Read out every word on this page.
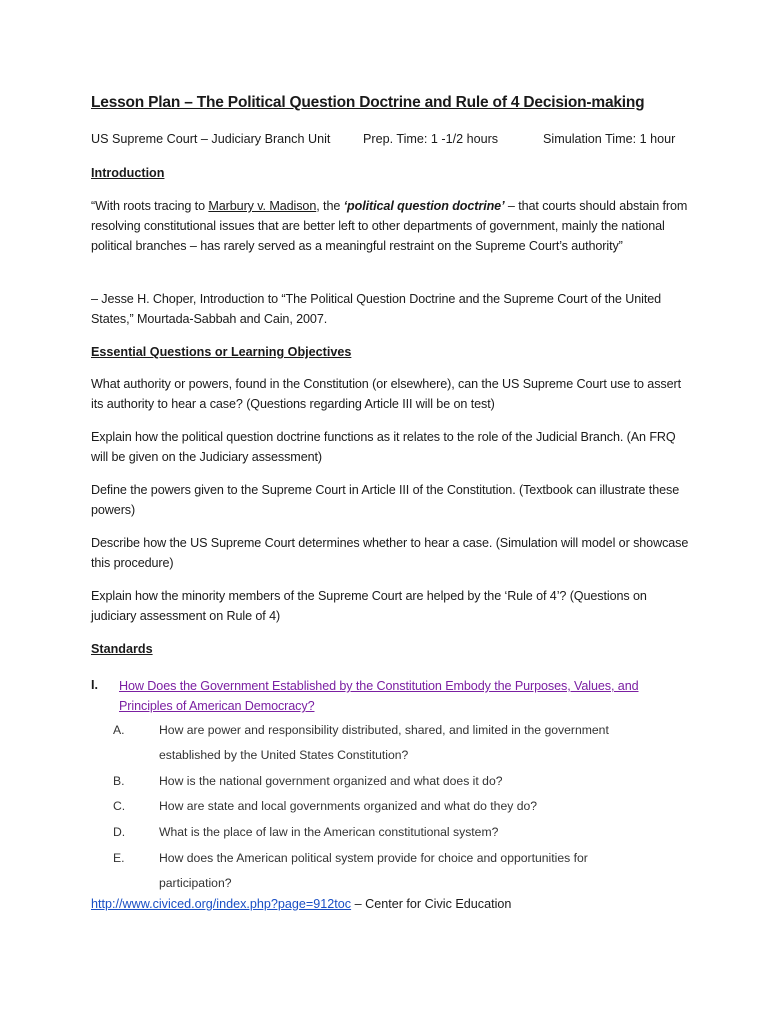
Lesson Plan – The Political Question Doctrine and Rule of 4 Decision-making
US Supreme Court – Judiciary Branch Unit	Prep. Time: 1 -1/2 hours	Simulation Time: 1 hour
Introduction
“With roots tracing to Marbury v. Madison, the ‘political question doctrine’ – that courts should abstain from resolving constitutional issues that are better left to other departments of government, mainly the national political branches – has rarely served as a meaningful restraint on the Supreme Court’s authority”
– Jesse H. Choper, Introduction to “The Political Question Doctrine and the Supreme Court of the United States,” Mourtada-Sabbah and Cain, 2007.
Essential Questions or Learning Objectives
What authority or powers, found in the Constitution (or elsewhere), can the US Supreme Court use to assert its authority to hear a case? (Questions regarding Article III will be on test)
Explain how the political question doctrine functions as it relates to the role of the Judicial Branch. (An FRQ will be given on the Judiciary assessment)
Define the powers given to the Supreme Court in Article III of the Constitution. (Textbook can illustrate these powers)
Describe how the US Supreme Court determines whether to hear a case. (Simulation will model or showcase this procedure)
Explain how the minority members of the Supreme Court are helped by the ‘Rule of 4’? (Questions on judiciary assessment on Rule of 4)
Standards
I. How Does the Government Established by the Constitution Embody the Purposes, Values, and Principles of American Democracy?
A.	How are power and responsibility distributed, shared, and limited in the government established by the United States Constitution?
B.	How is the national government organized and what does it do?
C.	How are state and local governments organized and what do they do?
D.	What is the place of law in the American constitutional system?
E.	How does the American political system provide for choice and opportunities for participation?
http://www.civiced.org/index.php?page=912toc – Center for Civic Education
